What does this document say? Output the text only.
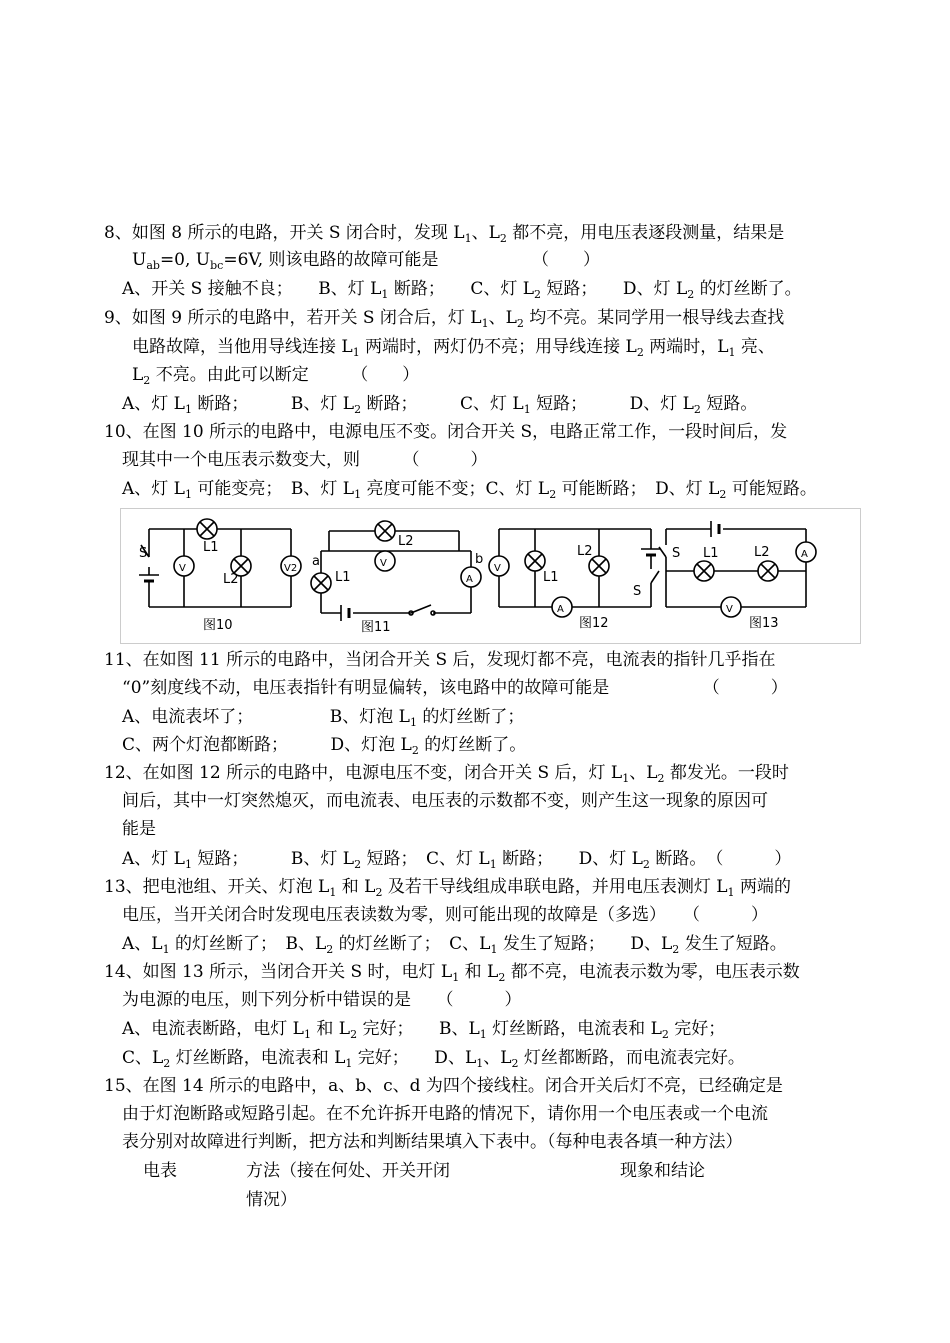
8、如图 8 所示的电路，开关 S 闭合时，发现 $L_1$、$L_2$ 都不亮，用电压表逐段测量，结果是
$U_{ab}=0$, $U_{bc}=6V$, 则该电路的故障可能是　　　　　　（　　）
A、开关 S 接触不良；　　B、灯 $L_1$ 断路；　　C、灯 $L_2$ 短路；　　D、灯 $L_2$ 的灯丝断了。
9、如图 9 所示的电路中，若开关 S 闭合后，灯 $L_1$、$L_2$ 均不亮。某同学用一根导线去查找
电路故障，当他用导线连接 $L_1$ 两端时，两灯仍不亮；用导线连接 $L_2$ 两端时，$L_1$ 亮、
$L_2$ 不亮。由此可以断定　　　（　　）
A、灯 $L_1$ 断路；　　　B、灯 $L_2$ 断路；　　　C、灯 $L_1$ 短路；　　　D、灯 $L_2$ 短路。
10、在图 10 所示的电路中，电源电压不变。闭合开关 S，电路正常工作，一段时间后，发
现其中一个电压表示数变大，则　　　（　　　）
A、灯 $L_1$ 可能变亮；　B、灯 $L_1$ 亮度可能不变；C、灯 $L_2$ 可能断路；　D、灯 $L_2$ 可能短路。
11、在如图 11 所示的电路中，当闭合开关 S 后，发现灯都不亮，电流表的指针几乎指在
“0”刻度线不动，电压表指针有明显偏转，该电路中的故障可能是　　　　　　（　　　）
A、电流表坏了；　　　　　B、灯泡 $L_1$ 的灯丝断了；
C、两个灯泡都断路；　　　D、灯泡 $L_2$ 的灯丝断了。
12、在如图 12 所示的电路中，电源电压不变，闭合开关 S 后，灯 $L_1$、$L_2$ 都发光。一段时
间后，其中一灯突然熄灭，而电流表、电压表的示数都不变，则产生这一现象的原因可
能是
A、灯 $L_1$ 短路；　　　B、灯 $L_2$ 短路；　C、灯 $L_1$ 断路；　　D、灯 $L_2$ 断路。　（　　　）
13、把电池组、开关、灯泡 $L_1$ 和 $L_2$ 及若干导线组成串联电路，并用电压表测灯 $L_1$ 两端的
电压，当开关闭合时发现电压表读数为零，则可能出现的故障是（多选）　　（　　　）
A、$L_1$ 的灯丝断了；　B、$L_2$ 的灯丝断了；　C、$L_1$ 发生了短路；　　D、$L_2$ 发生了短路。
14、如图 13 所示，当闭合开关 S 时，电灯 $L_1$ 和 $L_2$ 都不亮，电流表示数为零，电压表示数
为电源的电压，则下列分析中错误的是　　（　　　）
A、电流表断路，电灯 $L_1$ 和 $L_2$ 完好；　　B、$L_1$ 灯丝断路，电流表和 $L_2$ 完好；
C、$L_2$ 灯丝断路，电流表和 $L_1$ 完好；　　D、$L_1$、$L_2$ 灯丝都断路，而电流表完好。
15、在图 14 所示的电路中，a、b、c、d 为四个接线柱。闭合开关后灯不亮，已经确定是
由于灯泡断路或短路引起。在不允许拆开电路的情况下，请你用一个电压表或一个电流
表分别对故障进行判断，把方法和判断结果填入下表中。（每种电表各填一种方法）
电表	方法（接在何处、开关开闭	现象和结论
情况）
S
V
L1
L2
V2
图10
a	b
L2
V
L1	A
图11
V
L1
L2
A
S
图12
S L1	L2	A
V
图13
